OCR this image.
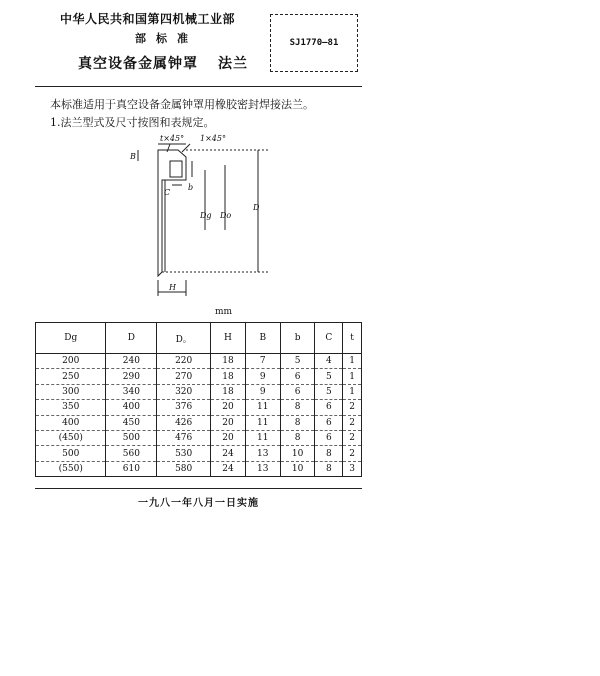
中华人民共和国第四机械工业部
部标准
真空设备金属钟罩 法兰
SJ1770—81
本标准适用于真空设备金属钟罩用橡胶密封焊接法兰。
1.法兰型式及尺寸按图和表规定。
t×45° 1×45°
B
b
C
Dg Do
D
H
mm
Dg	D	D。	H	B	b	C	t
200	240	220	18	7	5	4	1
250	290	270	18	9	6	5	1
300	340	320	18	9	6	5	1
350	400	376	20	11	8	6	2
400	450	426	20	11	8	6	2
(450)	500	476	20	11	8	6	2
500	560	530	24	13	10	8	2
(550)	610	580	24	13	10	8	3
一九八一年八月一日实施
